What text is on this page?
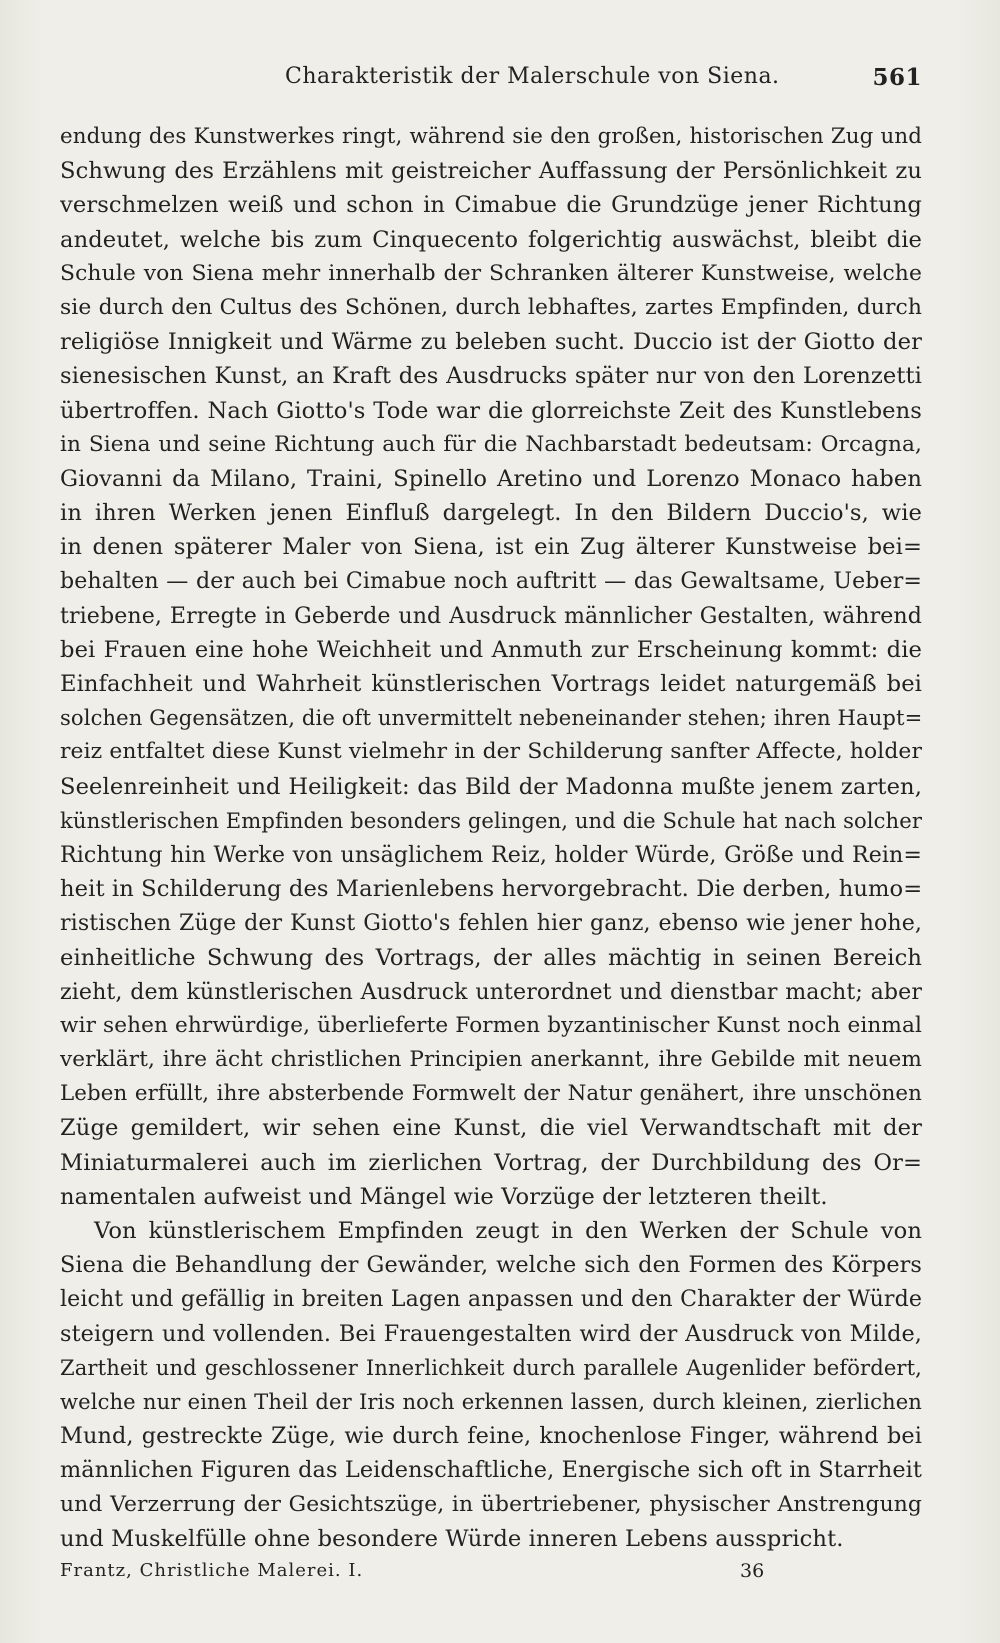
Charakteristik der Malerschule von Siena.	561
endung des Kunstwerkes ringt, während sie den großen, historischen Zug und
Schwung des Erzählens mit geistreicher Auffassung der Persönlichkeit zu
verschmelzen weiß und schon in Cimabue die Grundzüge jener Richtung
andeutet, welche bis zum Cinquecento folgerichtig auswächst, bleibt die
Schule von Siena mehr innerhalb der Schranken älterer Kunstweise, welche
sie durch den Cultus des Schönen, durch lebhaftes, zartes Empfinden, durch
religiöse Innigkeit und Wärme zu beleben sucht. Duccio ist der Giotto der
sienesischen Kunst, an Kraft des Ausdrucks später nur von den Lorenzetti
übertroffen. Nach Giotto's Tode war die glorreichste Zeit des Kunstlebens
in Siena und seine Richtung auch für die Nachbarstadt bedeutsam: Orcagna,
Giovanni da Milano, Traini, Spinello Aretino und Lorenzo Monaco haben
in ihren Werken jenen Einfluß dargelegt. In den Bildern Duccio's, wie
in denen späterer Maler von Siena, ist ein Zug älterer Kunstweise bei=
behalten — der auch bei Cimabue noch auftritt — das Gewaltsame, Ueber=
triebene, Erregte in Geberde und Ausdruck männlicher Gestalten, während
bei Frauen eine hohe Weichheit und Anmuth zur Erscheinung kommt: die
Einfachheit und Wahrheit künstlerischen Vortrags leidet naturgemäß bei
solchen Gegensätzen, die oft unvermittelt nebeneinander stehen; ihren Haupt=
reiz entfaltet diese Kunst vielmehr in der Schilderung sanfter Affecte, holder
Seelenreinheit und Heiligkeit: das Bild der Madonna mußte jenem zarten,
künstlerischen Empfinden besonders gelingen, und die Schule hat nach solcher
Richtung hin Werke von unsäglichem Reiz, holder Würde, Größe und Rein=
heit in Schilderung des Marienlebens hervorgebracht. Die derben, humo=
ristischen Züge der Kunst Giotto's fehlen hier ganz, ebenso wie jener hohe,
einheitliche Schwung des Vortrags, der alles mächtig in seinen Bereich
zieht, dem künstlerischen Ausdruck unterordnet und dienstbar macht; aber
wir sehen ehrwürdige, überlieferte Formen byzantinischer Kunst noch einmal
verklärt, ihre ächt christlichen Principien anerkannt, ihre Gebilde mit neuem
Leben erfüllt, ihre absterbende Formwelt der Natur genähert, ihre unschönen
Züge gemildert, wir sehen eine Kunst, die viel Verwandtschaft mit der
Miniaturmalerei auch im zierlichen Vortrag, der Durchbildung des Or=
namentalen aufweist und Mängel wie Vorzüge der letzteren theilt.
Von künstlerischem Empfinden zeugt in den Werken der Schule von
Siena die Behandlung der Gewänder, welche sich den Formen des Körpers
leicht und gefällig in breiten Lagen anpassen und den Charakter der Würde
steigern und vollenden. Bei Frauengestalten wird der Ausdruck von Milde,
Zartheit und geschlossener Innerlichkeit durch parallele Augenlider befördert,
welche nur einen Theil der Iris noch erkennen lassen, durch kleinen, zierlichen
Mund, gestreckte Züge, wie durch feine, knochenlose Finger, während bei
männlichen Figuren das Leidenschaftliche, Energische sich oft in Starrheit
und Verzerrung der Gesichtszüge, in übertriebener, physischer Anstrengung
und Muskelfülle ohne besondere Würde inneren Lebens ausspricht.
Frantz, Christliche Malerei. I.	36
